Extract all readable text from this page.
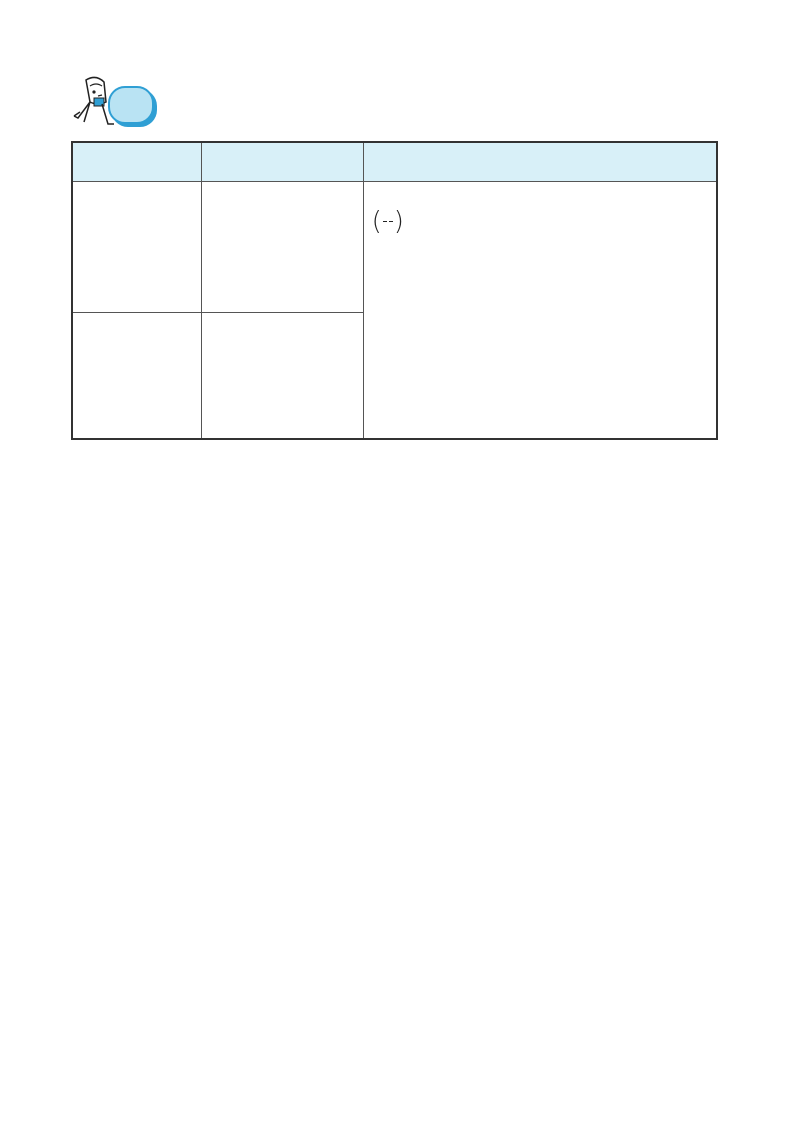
		( )
